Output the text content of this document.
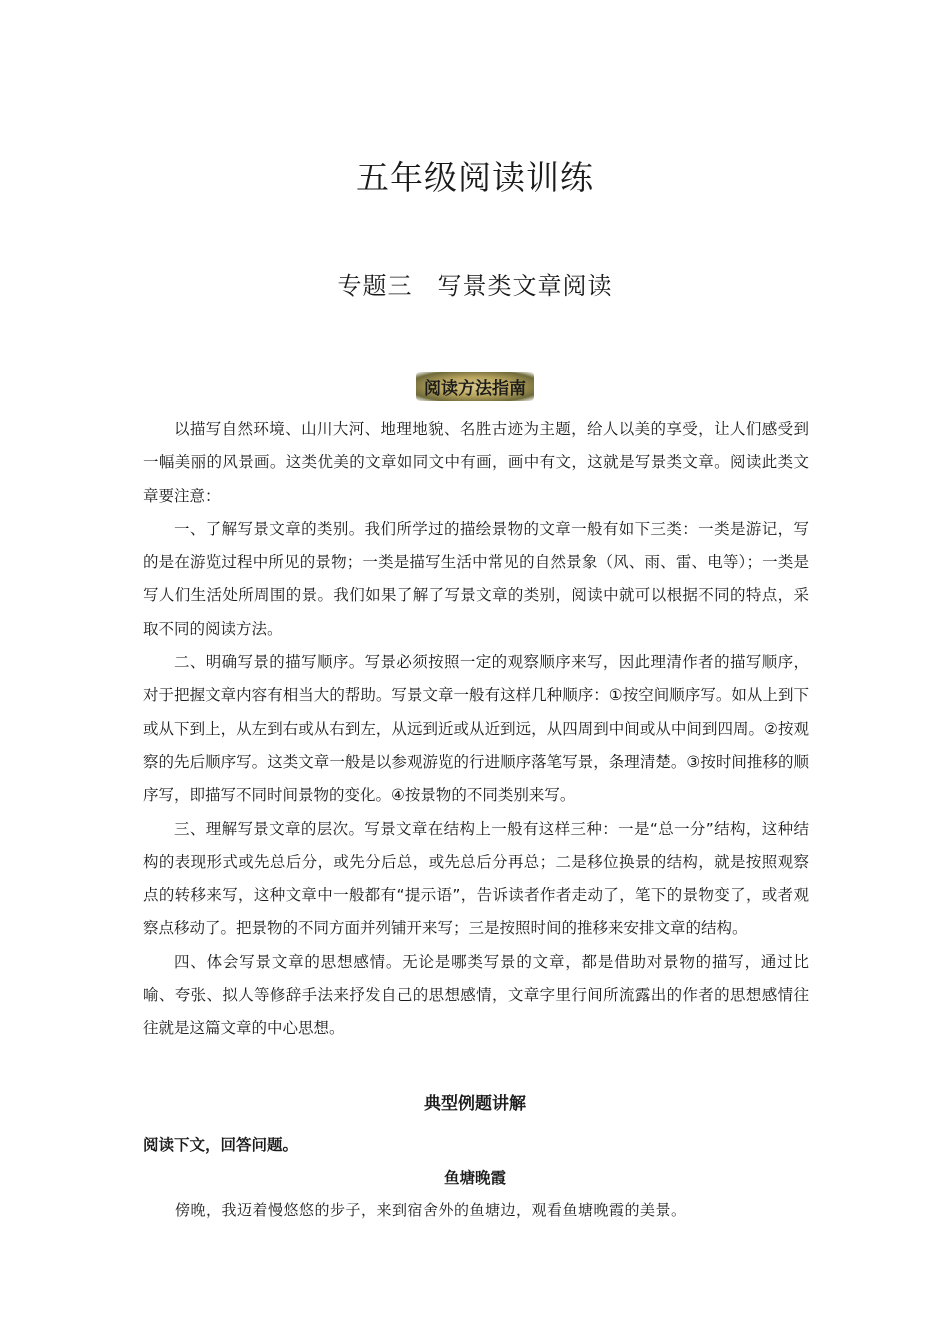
五年级阅读训练
专题三　写景类文章阅读
阅读方法指南

以描写自然环境、山川大河、地理地貌、名胜古迹为主题，给人以美的享受，让人们感受到一幅美丽的风景画。这类优美的文章如同文中有画，画中有文，这就是写景类文章。阅读此类文章要注意：

一、了解写景文章的类别。我们所学过的描绘景物的文章一般有如下三类：一类是游记，写的是在游览过程中所见的景物；一类是描写生活中常见的自然景象（风、雨、雷、电等）；一类是写人们生活处所周围的景。我们如果了解了写景文章的类别，阅读中就可以根据不同的特点，采取不同的阅读方法。

二、明确写景的描写顺序。写景必须按照一定的观察顺序来写，因此理清作者的描写顺序，对于把握文章内容有相当大的帮助。写景文章一般有这样几种顺序：①按空间顺序写。如从上到下或从下到上，从左到右或从右到左，从远到近或从近到远，从四周到中间或从中间到四周。②按观察的先后顺序写。这类文章一般是以参观游览的行进顺序落笔写景，条理清楚。③按时间推移的顺序写，即描写不同时间景物的变化。④按景物的不同类别来写。

三、理解写景文章的层次。写景文章在结构上一般有这样三种：一是“总一分”结构，这种结构的表现形式或先总后分，或先分后总，或先总后分再总；二是移位换景的结构，就是按照观察点的转移来写，这种文章中一般都有“提示语”，告诉读者作者走动了，笔下的景物变了，或者观察点移动了。把景物的不同方面并列铺开来写；三是按照时间的推移来安排文章的结构。

四、体会写景文章的思想感情。无论是哪类写景的文章，都是借助对景物的描写，通过比喻、夸张、拟人等修辞手法来抒发自己的思想感情，文章字里行间所流露出的作者的思想感情往往就是这篇文章的中心思想。

典型例题讲解
阅读下文，回答问题。
鱼塘晚霞
傍晚，我迈着慢悠悠的步子，来到宿舍外的鱼塘边，观看鱼塘晚霞的美景。
